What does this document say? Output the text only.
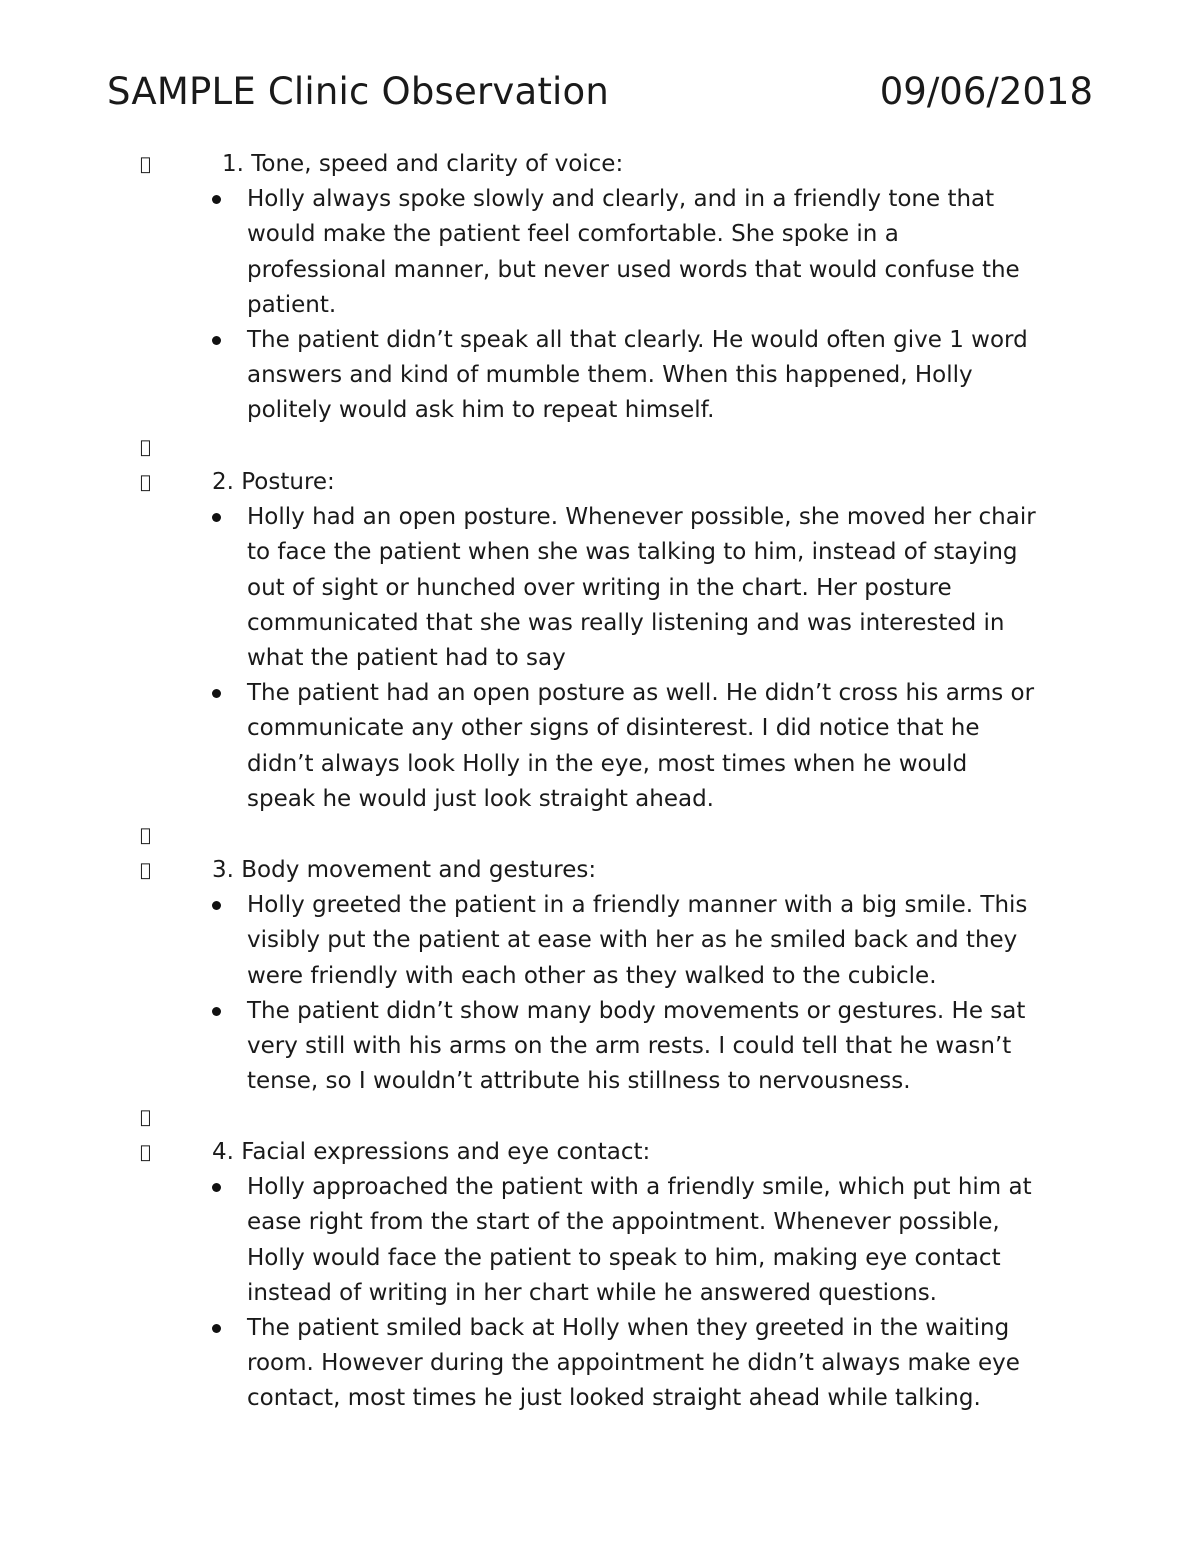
SAMPLE Clinic Observation	09/06/2018
1. Tone, speed and clarity of voice:
Holly always spoke slowly and clearly, and in a friendly tone that
would make the patient feel comfortable. She spoke in a
professional manner, but never used words that would confuse the
patient.
The patient didn’t speak all that clearly. He would often give 1 word
answers and kind of mumble them. When this happened, Holly
politely would ask him to repeat himself.
2. Posture:
Holly had an open posture. Whenever possible, she moved her chair
to face the patient when she was talking to him, instead of staying
out of sight or hunched over writing in the chart. Her posture
communicated that she was really listening and was interested in
what the patient had to say
The patient had an open posture as well. He didn’t cross his arms or
communicate any other signs of disinterest. I did notice that he
didn’t always look Holly in the eye, most times when he would
speak he would just look straight ahead.
3. Body movement and gestures:
Holly greeted the patient in a friendly manner with a big smile. This
visibly put the patient at ease with her as he smiled back and they
were friendly with each other as they walked to the cubicle.
The patient didn’t show many body movements or gestures. He sat
very still with his arms on the arm rests. I could tell that he wasn’t
tense, so I wouldn’t attribute his stillness to nervousness.
4. Facial expressions and eye contact:
Holly approached the patient with a friendly smile, which put him at
ease right from the start of the appointment. Whenever possible,
Holly would face the patient to speak to him, making eye contact
instead of writing in her chart while he answered questions.
The patient smiled back at Holly when they greeted in the waiting
room. However during the appointment he didn’t always make eye
contact, most times he just looked straight ahead while talking.
